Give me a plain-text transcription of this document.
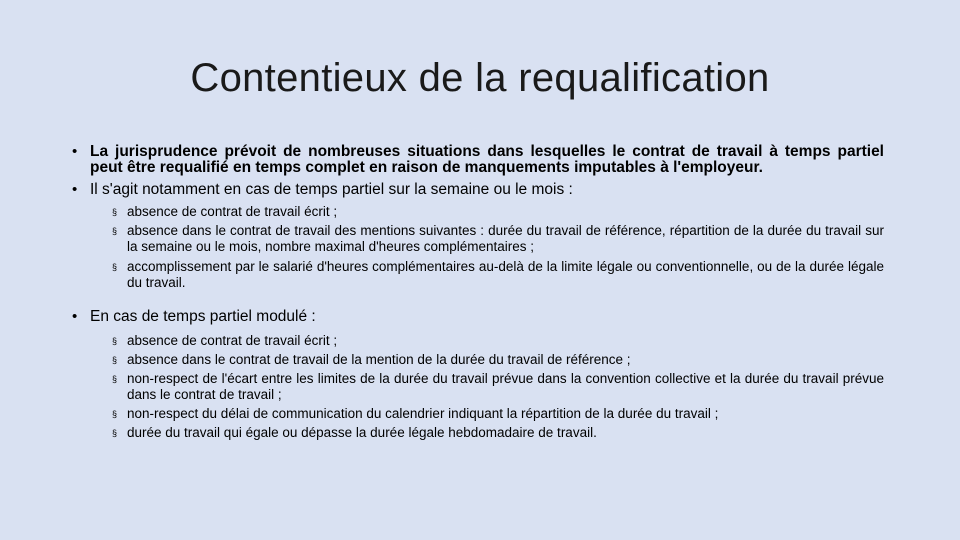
Contentieux de la requalification
• La jurisprudence prévoit de nombreuses situations dans lesquelles le contrat de travail à temps partiel peut être requalifié en temps complet en raison de manquements imputables à l'employeur.
• Il s'agit notamment en cas de temps partiel sur la semaine ou le mois :
§ absence de contrat de travail écrit ;
§ absence dans le contrat de travail des mentions suivantes : durée du travail de référence, répartition de la durée du travail sur la semaine ou le mois, nombre maximal d'heures complémentaires ;
§ accomplissement par le salarié d'heures complémentaires au-delà de la limite légale ou conventionnelle, ou de la durée légale du travail.
• En cas de temps partiel modulé :
§ absence de contrat de travail écrit ;
§ absence dans le contrat de travail de la mention de la durée du travail de référence ;
§ non-respect de l'écart entre les limites de la durée du travail prévue dans la convention collective et la durée du travail prévue dans le contrat de travail ;
§ non-respect du délai de communication du calendrier indiquant la répartition de la durée du travail ;
§ durée du travail qui égale ou dépasse la durée légale hebdomadaire de travail.
